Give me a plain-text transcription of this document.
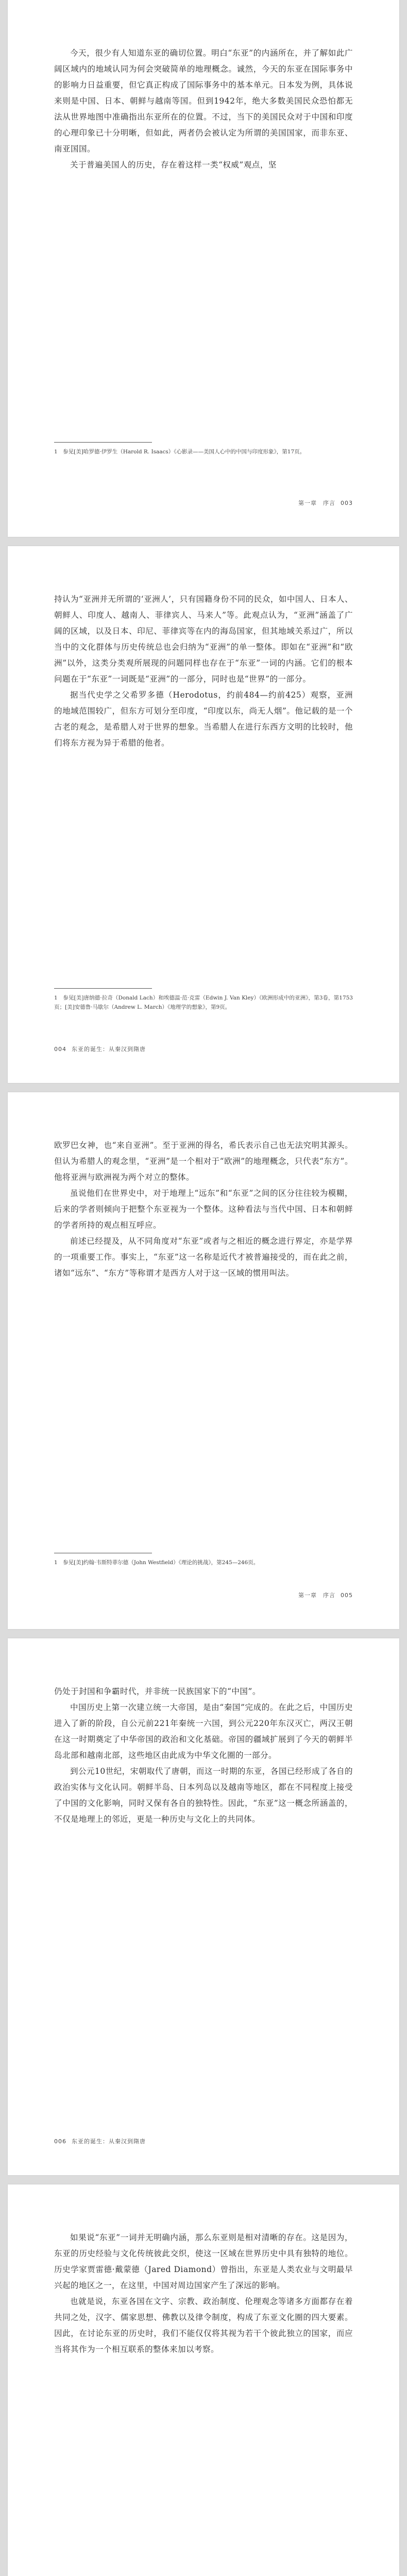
今天，很少有人知道东亚的确切位置。明白“东亚”的内涵所在，并了解如此广阔区域内的地域认同为何会突破简单的地理概念。诚然，今天的东亚在国际事务中的影响力日益重要，但它真正构成了国际事务中的基本单元。日本发为例，具体说来则是中国、日本、朝鲜与越南等国。但到1942年，绝大多数美国民众恐怕都无法从世界地图中准确指出东亚所在的位置。不过，当下的美国民众对于中国和印度的心理印象已十分明晰，但如此，两者仍会被认定为所谓的美国国家，而非东亚、南亚国国。

关于普遍美国人的历史，存在着这样一类“权威”观点，坚

1　参见[美]哈罗德·伊罗生（Harold R. Isaacs）《心影录——美国人心中的中国与印度形象》，第17页。

第一章　序言 003

持认为“亚洲并无所谓的‘亚洲人’，只有国籍身份不同的民众，如中国人、日本人、朝鲜人、印度人、越南人、菲律宾人、马来人”等。此观点认为，“亚洲”涵盖了广阔的区域，以及日本、印尼、菲律宾等在内的海岛国家，但其地域关系过广，所以当中的文化群体与历史传统总也会归纳为“亚洲”的单一整体。即如在“亚洲”和“欧洲”以外，这类分类观所展现的问题同样也存在于“东亚”一词的内涵。它们的根本问题在于“东亚”一词既是“亚洲”的一部分，同时也是“世界”的一部分。

据当代史学之父希罗多德（Herodotus，约前484—约前425）观察，亚洲的地域范围较广，但东方可划分至印度，“印度以东，尚无人烟”。他记载的是一个古老的观念，是希腊人对于世界的想象。当希腊人在进行东西方文明的比较时，他们将东方视为异于希腊的他者。

1　参见[美]唐纳德·拉奇（Donald Lach）和埃德温·范·克雷（Edwin J. Van Kley）《欧洲形成中的亚洲》，第3卷，第1753页；[美]安德鲁·马歇尔（Andrew L. March）《地理学的想象》，第9页。

004 东亚的诞生：从秦汉到隋唐

欧罗巴女神，也“来自亚洲”。至于亚洲的得名，希氏表示自己也无法究明其源头。但认为希腊人的观念里，“亚洲”是一个相对于“欧洲”的地理概念，只代表“东方”。他将亚洲与欧洲视为两个对立的整体。

虽说他们在世界史中，对于地理上“远东”和“东亚”之间的区分往往较为模糊，后来的学者则倾向于把整个东亚视为一个整体。这种看法与当代中国、日本和朝鲜的学者所持的观点相互呼应。

前述已经提及，从不同角度对“东亚”或者与之相近的概念进行界定，亦是学界的一项重要工作。事实上，“东亚”这一名称是近代才被普遍接受的，而在此之前，诸如“远东”、“东方”等称谓才是西方人对于这一区域的惯用叫法。

1　参见[美]约翰·韦斯特菲尔德（John Westfield）《理论的挑战》，第245—246页。

第一章　序言 005

仍处于封国和争霸时代，并非统一民族国家下的“中国”。

中国历史上第一次建立统一大帝国，是由“秦国”完成的。在此之后，中国历史进入了新的阶段，自公元前221年秦统一六国，到公元220年东汉灭亡，两汉王朝在这一时期奠定了中华帝国的政治和文化基础。帝国的疆域扩展到了今天的朝鲜半岛北部和越南北部，这些地区由此成为中华文化圈的一部分。

到公元10世纪，宋朝取代了唐朝，而这一时期的东亚，各国已经形成了各自的政治实体与文化认同。朝鲜半岛、日本列岛以及越南等地区，都在不同程度上接受了中国的文化影响，同时又保有各自的独特性。因此，“东亚”这一概念所涵盖的，不仅是地理上的邻近，更是一种历史与文化上的共同体。

006 东亚的诞生：从秦汉到隋唐

如果说“东亚”一词并无明确内涵，那么东亚则是相对清晰的存在。这是因为，东亚的历史经验与文化传统彼此交织，使这一区域在世界历史中具有独特的地位。历史学家贾雷德·戴蒙德（Jared Diamond）曾指出，东亚是人类农业与文明最早兴起的地区之一，在这里，中国对周边国家产生了深远的影响。

也就是说，东亚各国在文字、宗教、政治制度、伦理观念等诸多方面都存在着共同之处，汉字、儒家思想、佛教以及律令制度，构成了东亚文化圈的四大要素。因此，在讨论东亚的历史时，我们不能仅仅将其视为若干个彼此独立的国家，而应当将其作为一个相互联系的整体来加以考察。
